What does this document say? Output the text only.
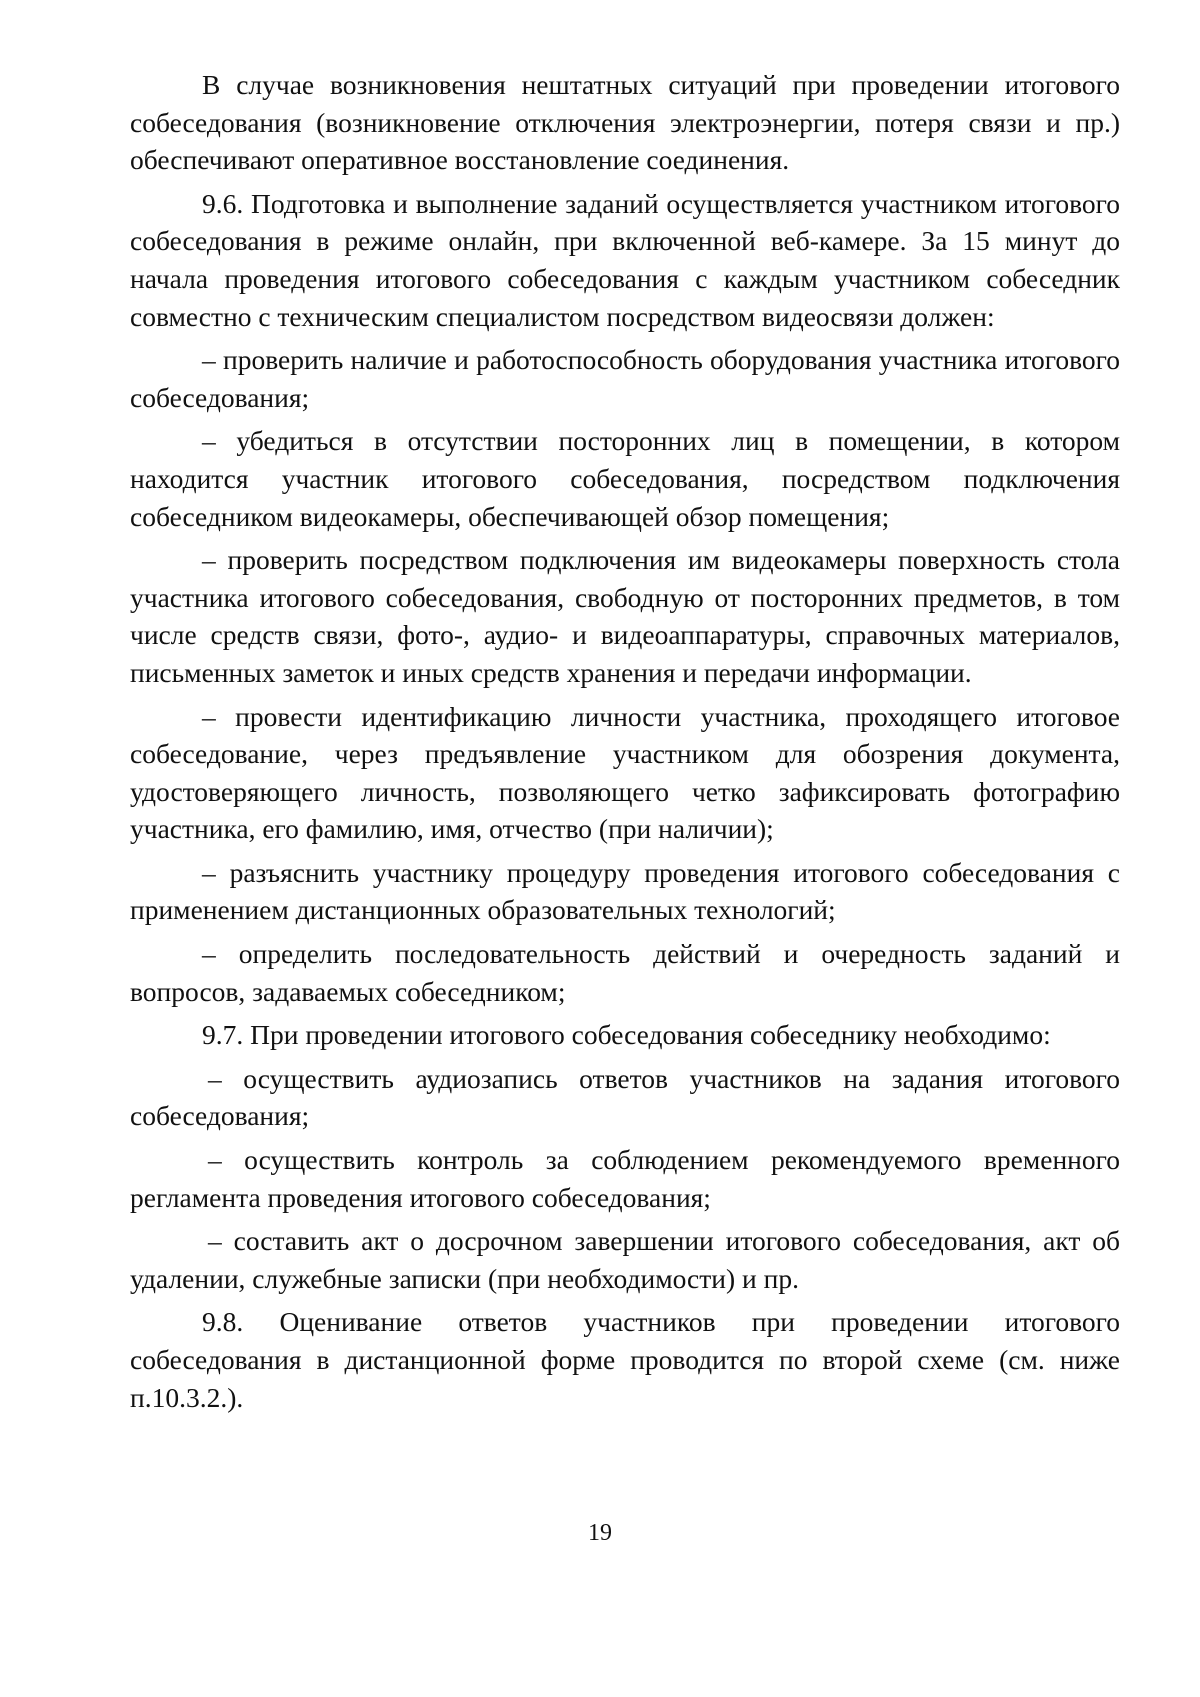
В случае возникновения нештатных ситуаций при проведении итогового собеседования (возникновение отключения электроэнергии, потеря связи и пр.) обеспечивают оперативное восстановление соединения.

9.6. Подготовка и выполнение заданий осуществляется участником итогового собеседования в режиме онлайн, при включенной веб-камере. За 15 минут до начала проведения итогового собеседования с каждым участником собеседник совместно с техническим специалистом посредством видеосвязи должен:

– проверить наличие и работоспособность оборудования участника итогового собеседования;

– убедиться в отсутствии посторонних лиц в помещении, в котором находится участник итогового собеседования, посредством подключения собеседником видеокамеры, обеспечивающей обзор помещения;

– проверить посредством подключения им видеокамеры поверхность стола участника итогового собеседования, свободную от посторонних предметов, в том числе средств связи, фото-, аудио- и видеоаппаратуры, справочных материалов, письменных заметок и иных средств хранения и передачи информации.

– провести идентификацию личности участника, проходящего итоговое собеседование, через предъявление участником для обозрения документа, удостоверяющего личность, позволяющего четко зафиксировать фотографию участника, его фамилию, имя, отчество (при наличии);

– разъяснить участнику процедуру проведения итогового собеседования с применением дистанционных образовательных технологий;

– определить последовательность действий и очередность заданий и вопросов, задаваемых собеседником;

9.7. При проведении итогового собеседования собеседнику необходимо:

– осуществить аудиозапись ответов участников на задания итогового собеседования;

– осуществить контроль за соблюдением рекомендуемого временного регламента проведения итогового собеседования;

– составить акт о досрочном завершении итогового собеседования, акт об удалении, служебные записки (при необходимости) и пр.

9.8. Оценивание ответов участников при проведении итогового собеседования в дистанционной форме проводится по второй схеме (см. ниже п.10.3.2.).

19
